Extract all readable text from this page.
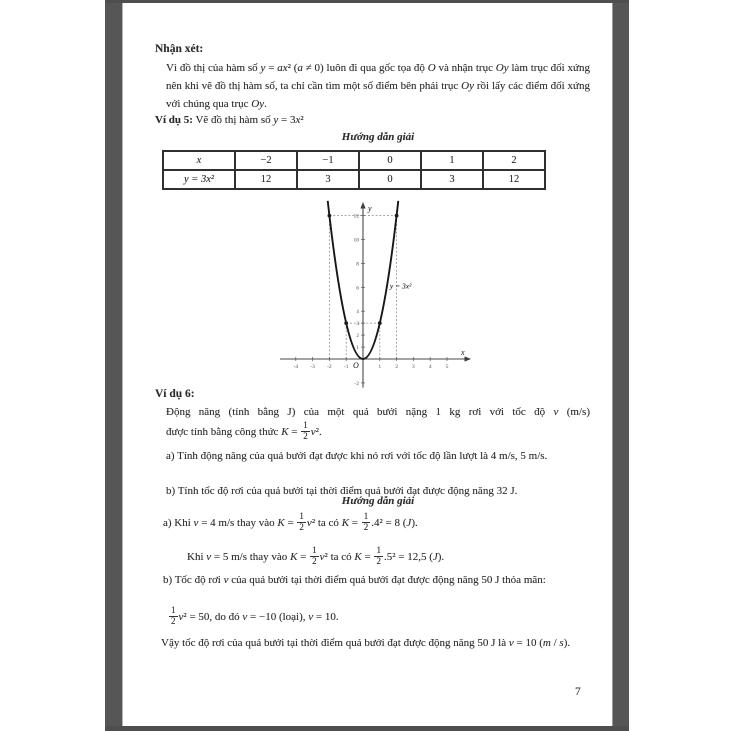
Nhận xét:
Vì đồ thị của hàm số y = ax² (a ≠ 0) luôn đi qua gốc tọa độ O và nhận trục Oy làm trục đối xứng nên khi vẽ đồ thị hàm số, ta chỉ cần tìm một số điểm bên phải trục Oy rồi lấy các điểm đối xứng với chúng qua trục Oy.
Ví dụ 5: Vẽ đồ thị hàm số y = 3x²
Hướng dẫn giải
x	−2	−1	0	1	2
y = 3x²	12	3	0	3	12
x
y
O
-4 -3 -2 -1	1	2	3	4	5
1
2
3
4
6
8
10
12
-2
y = 3x²
Ví dụ 6:
Động năng (tính bằng J) của một quả bưởi nặng 1 kg rơi với tốc độ v (m/s)
được tính bằng công thức $K = \frac{1}{2} v^2$.
a) Tính động năng của quả bưởi đạt được khi nó rơi với tốc độ lần lượt là 4 m/s, 5 m/s.
b) Tính tốc độ rơi của quả bưởi tại thời điểm quả bưởi đạt được động năng 32 J.
Hướng dẫn giải
a) Khi v = 4 m/s thay vào $K = \frac{1}{2} v^2$ ta có $K = \frac{1}{2} .4^2 = 8$ (J).
Khi v = 5 m/s thay vào $K = \frac{1}{2} v^2$ ta có $K = \frac{1}{2} .5^2 = 12,5$ (J).
b) Tốc độ rơi v của quả bưởi tại thời điểm quả bưởi đạt được động năng 50 J thỏa mãn:
$\frac{1}{2} v^2 = 50$, do đó v = −10 (loại), v = 10.
Vậy tốc độ rơi của quả bưởi tại thời điểm quả bưởi đạt được động năng 50 J là v = 10 (m / s).
7
